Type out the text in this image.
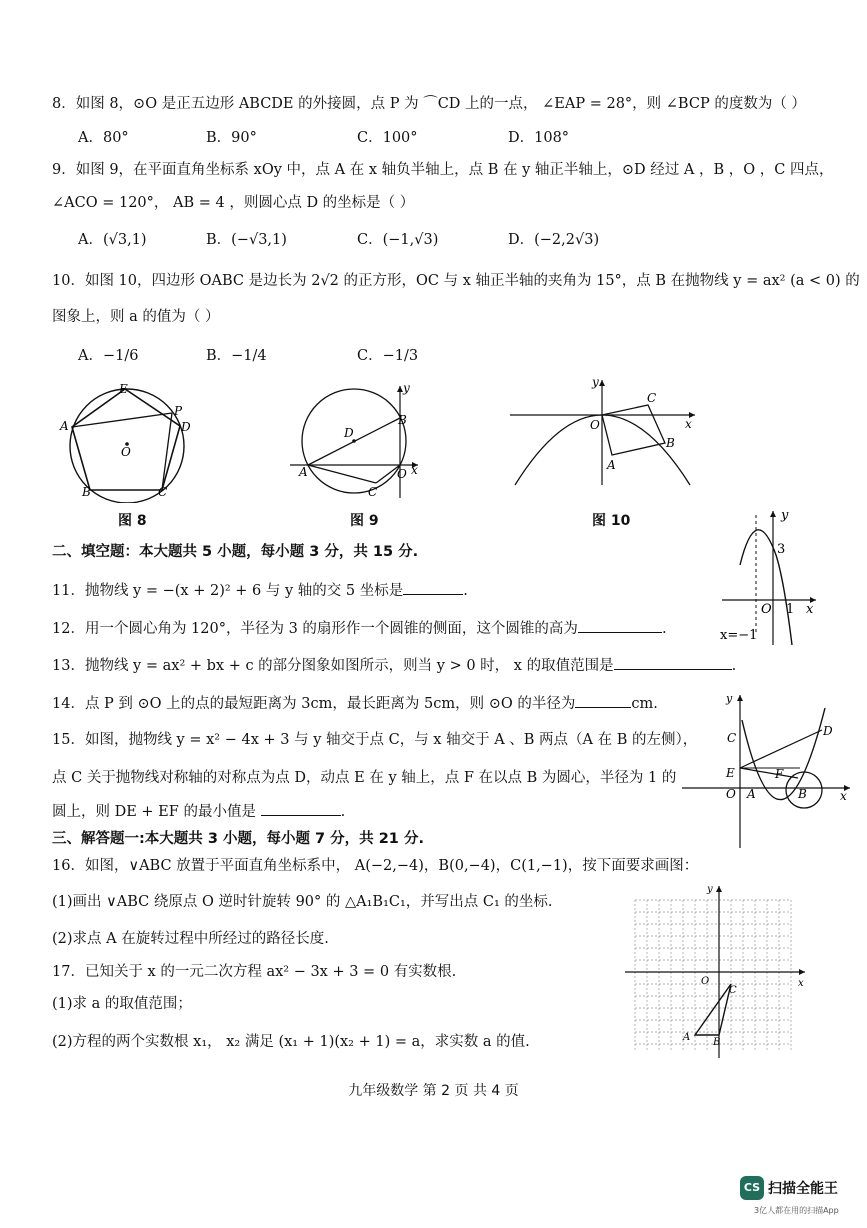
8．如图 8，⊙O 是正五边形 ABCDE 的外接圆，点 P 为 ⌒CD 上的一点， ∠EAP = 28°，则 ∠BCP 的度数为（ ）
A．80°	B．90°	C．100°	D．108°
9．如图 9，在平面直角坐标系 xOy 中，点 A 在 x 轴负半轴上，点 B 在 y 轴正半轴上，⊙D 经过 A ，B ，O ，C 四点，
∠ACO = 120°， AB = 4 ，则圆心点 D 的坐标是（ ）
A．(√3,1)	B．(−√3,1)	C．(−1,√3)	D．(−2,2√3)
10．如图 10，四边形 OABC 是边长为 2√2 的正方形，OC 与 x 轴正半轴的夹角为 15°，点 B 在抛物线 y = ax² (a < 0) 的
图象上，则 a 的值为（ ）
A．−1/6	B．−1/4	C．−1/3
E
A
P
D
O
B	C
图 8
y
D
B
A	O x
C
图 9
y
C
x
O
B
A
图 10
二、填空题：本大题共 5 小题，每小题 3 分，共 15 分.
y
3
O 1 x
x=−1
11．抛物线 y = −(x + 2)² + 6 与 y 轴的交 5 坐标是	.
12．用一个圆心角为 120°，半径为 3 的扇形作一个圆锥的侧面，这个圆锥的高为	.
13．抛物线 y = ax² + bx + c 的部分图象如图所示，则当 y > 0 时， x 的取值范围是	.
14．点 P 到 ⊙O 上的点的最短距离为 3cm，最长距离为 5cm，则 ⊙O 的半径为	cm.	y
D
C
E	F
O A	B	x
15．如图，抛物线 y = x² − 4x + 3 与 y 轴交于点 C，与 x 轴交于 A 、B 两点（A 在 B 的左侧），
点 C 关于抛物线对称轴的对称点为点 D，动点 E 在 y 轴上，点 F 在以点 B 为圆心，半径为 1 的
圆上，则 DE + EF 的最小值是	.
三、解答题一:本大题共 3 小题，每小题 7 分，共 21 分.
16．如图，∨ABC 放置于平面直角坐标系中， A(−2,−4)，B(0,−4)，C(1,−1)，按下面要求画图：
(1)画出 ∨ABC 绕原点 O 逆时针旋转 90° 的 △A₁B₁C₁，并写出点 C₁ 的坐标.
(2)求点 A 在旋转过程中所经过的路径长度.
y
O	x
C
A B
17．已知关于 x 的一元二次方程 ax² − 3x + 3 = 0 有实数根.
(1)求 a 的取值范围；
(2)方程的两个实数根 x₁， x₂ 满足 (x₁ + 1)(x₂ + 1) = a，求实数 a 的值.
九年级数学 第 2 页 共 4 页
CS 扫描全能王
3亿人都在用的扫描App
